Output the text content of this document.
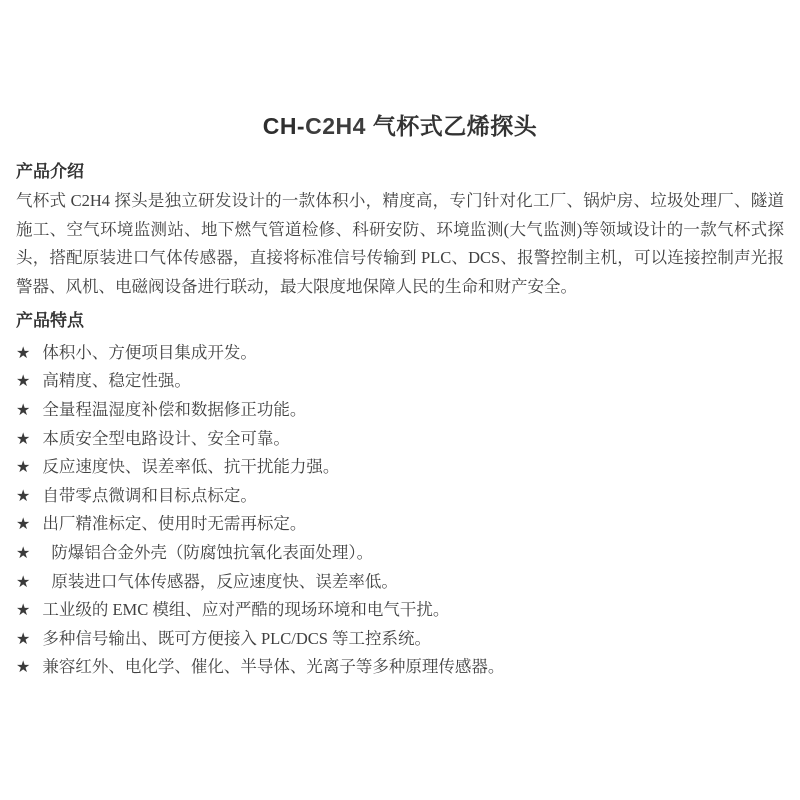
CH-C2H4 气杯式乙烯探头
产品介绍

气杯式 C2H4 探头是独立研发设计的一款体积小，精度高，专门针对化工厂、锅炉房、垃圾处理厂、隧道施工、空气环境监测站、地下燃气管道检修、科研安防、环境监测(大气监测)等领域设计的一款气杯式探头，搭配原装进口气体传感器，直接将标准信号传输到 PLC、DCS、报警控制主机，可以连接控制声光报警器、风机、电磁阀设备进行联动，最大限度地保障人民的生命和财产安全。

产品特点
★ 体积小、方便项目集成开发。
★ 高精度、稳定性强。
★ 全量程温湿度补偿和数据修正功能。
★ 本质安全型电路设计、安全可靠。
★ 反应速度快、误差率低、抗干扰能力强。
★ 自带零点微调和目标点标定。
★ 出厂精准标定、使用时无需再标定。
★ 防爆铝合金外壳（防腐蚀抗氧化表面处理）。
★ 原装进口气体传感器，反应速度快、误差率低。
★ 工业级的 EMC 模组、应对严酷的现场环境和电气干扰。
★ 多种信号输出、既可方便接入 PLC/DCS 等工控系统。
★ 兼容红外、电化学、催化、半导体、光离子等多种原理传感器。
